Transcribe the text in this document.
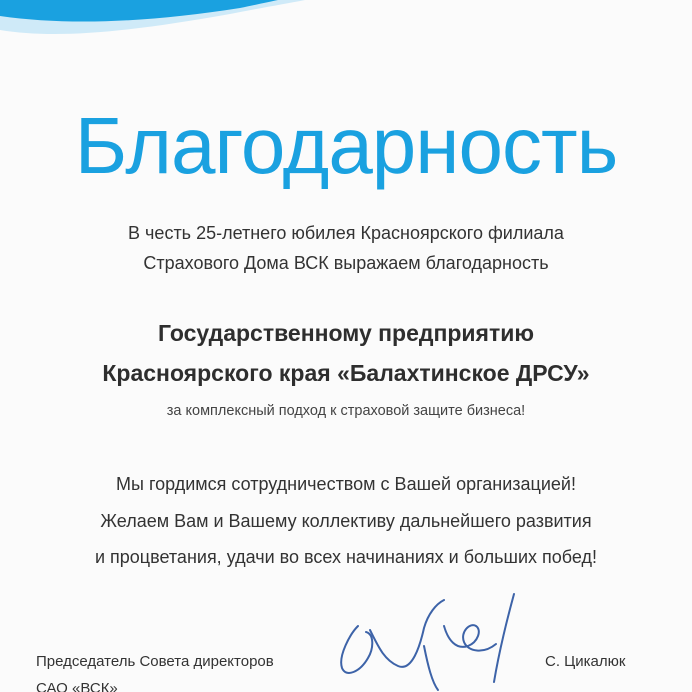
Благодарность
В честь 25-летнего юбилея Красноярского филиала
Страхового Дома ВСК выражаем благодарность
Государственному предприятию
Красноярского края «Балахтинское ДРСУ»
за комплексный подход к страховой защите бизнеса!
Мы гордимся сотрудничеством с Вашей организацией!
Желаем Вам и Вашему коллективу дальнейшего развития
и процветания, удачи во всех начинаниях и больших побед!
Председатель Совета директоров
САО «ВСК»
С. Цикалюк
